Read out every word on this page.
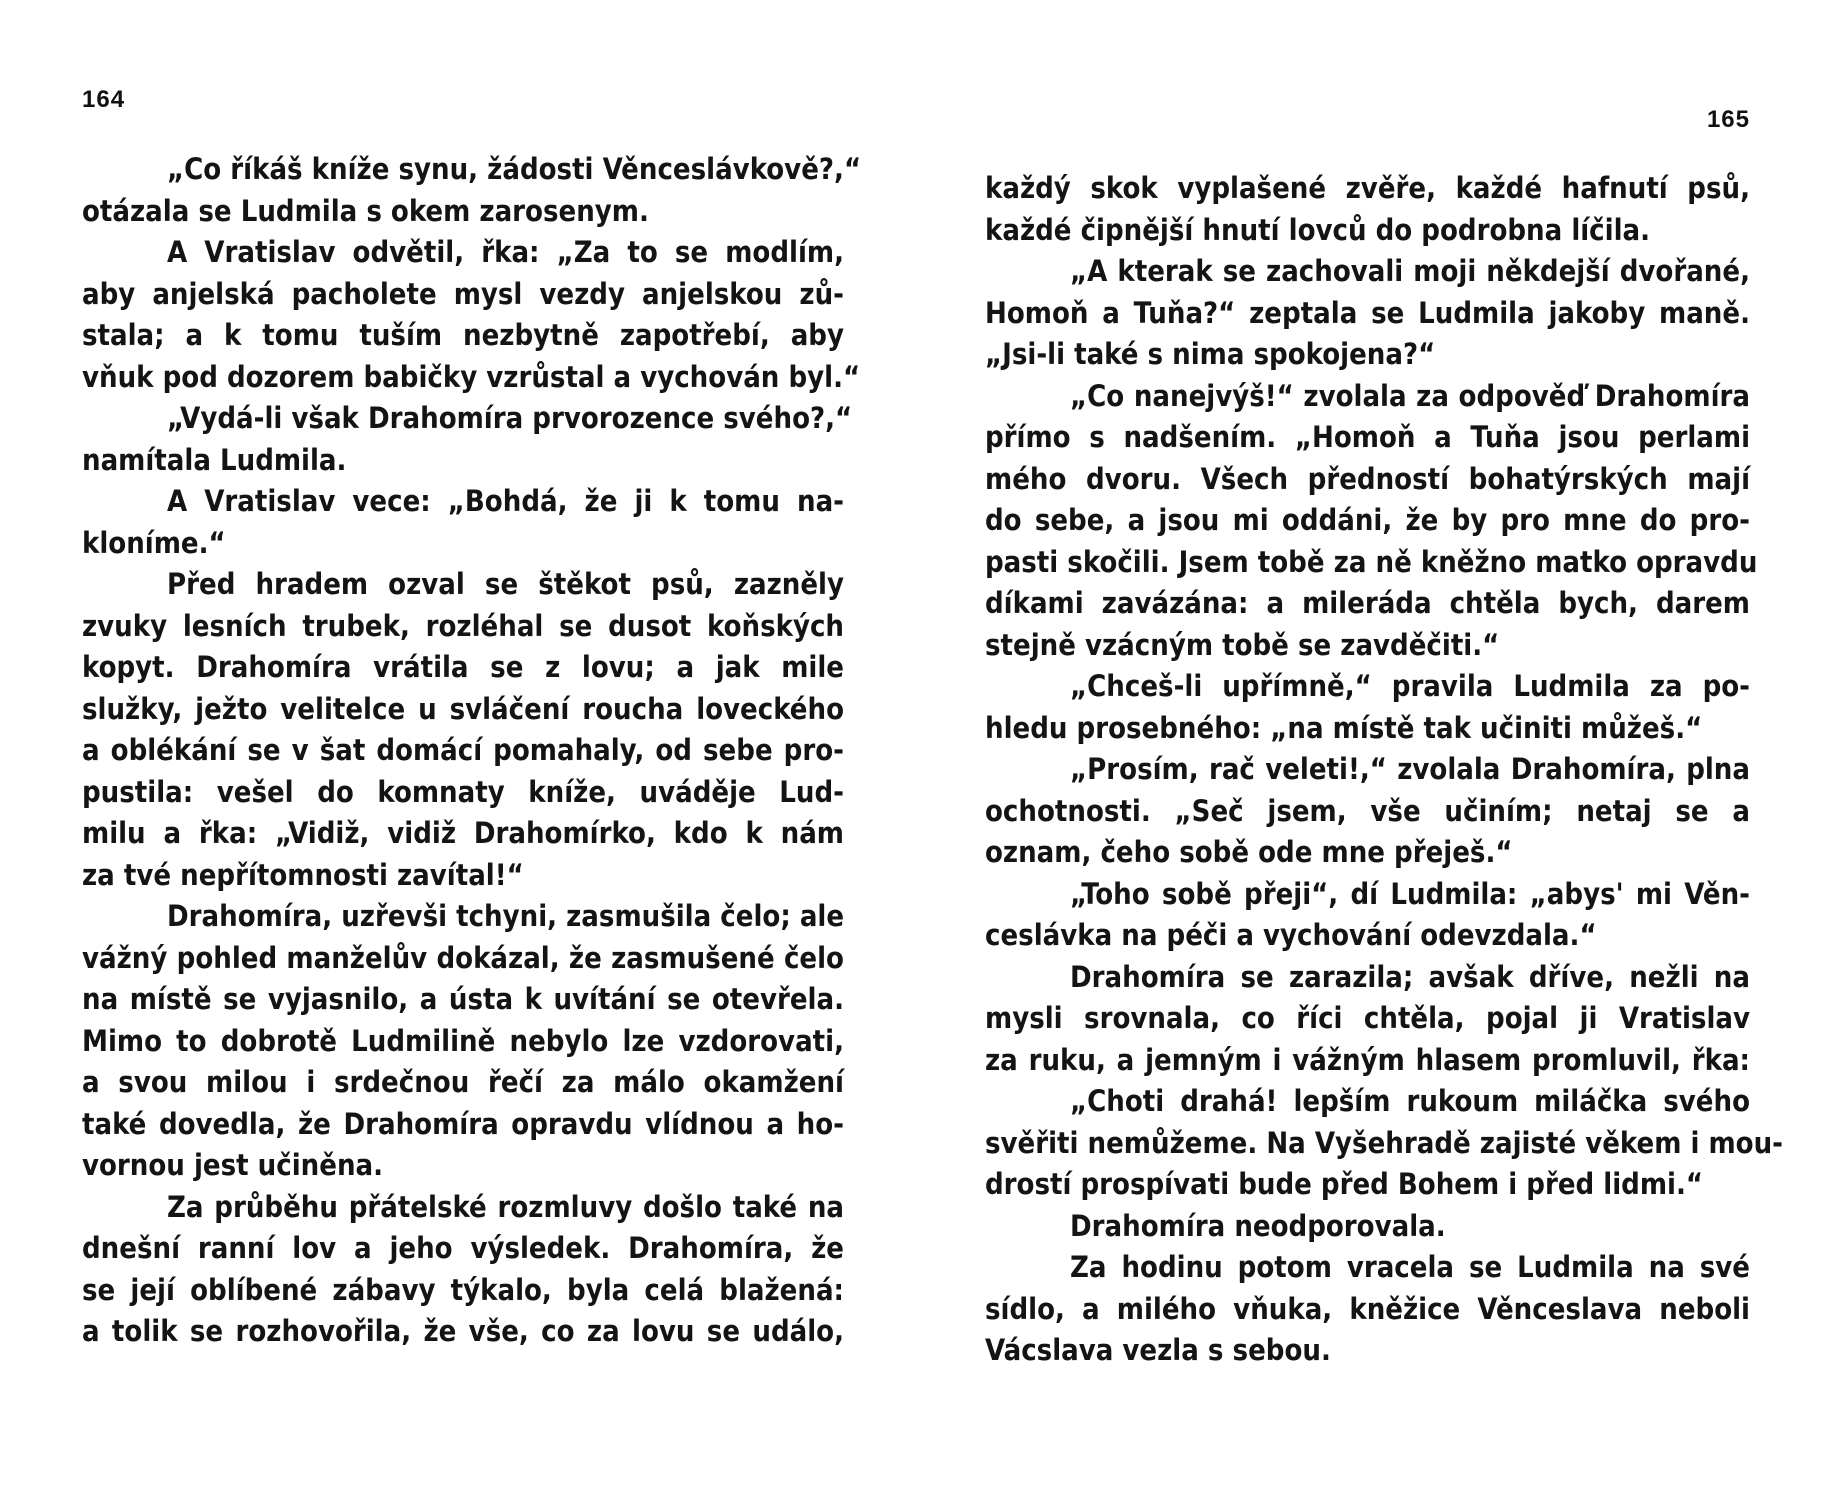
164
„Co říkáš kníže synu, žádosti Věnceslávkově?,“
otázala se Ludmila s okem zarosenym.
A Vratislav odvětil, řka: „Za to se modlím,
aby anjelská pacholete mysl vezdy anjelskou zů-
stala; a k tomu tuším nezbytně zapotřebí, aby
vňuk pod dozorem babičky vzrůstal a vychován byl.“
„Vydá-li však Drahomíra prvorozence svého?,“
namítala Ludmila.
A Vratislav vece: „Bohdá, že ji k tomu na-
kloníme.“
Před hradem ozval se štěkot psů, zazněly
zvuky lesních trubek, rozléhal se dusot koňských
kopyt. Drahomíra vrátila se z lovu; a jak mile
služky, ježto velitelce u svláčení roucha loveckého
a oblékání se v šat domácí pomahaly, od sebe pro-
pustila: vešel do komnaty kníže, uváděje Lud-
milu a řka: „Vidiž, vidiž Drahomírko, kdo k nám
za tvé nepřítomnosti zavítal!“
Drahomíra, uzřevši tchyni, zasmušila čelo; ale
vážný pohled manželův dokázal, že zasmušené čelo
na místě se vyjasnilo, a ústa k uvítání se otevřela.
Mimo to dobrotě Ludmilině nebylo lze vzdorovati,
a svou milou i srdečnou řečí za málo okamžení
také dovedla, že Drahomíra opravdu vlídnou a ho-
vornou jest učiněna.
Za průběhu přátelské rozmluvy došlo také na
dnešní ranní lov a jeho výsledek. Drahomíra, že
se její oblíbené zábavy týkalo, byla celá blažená:
a tolik se rozhovořila, že vše, co za lovu se událo,
165
každý skok vyplašené zvěře, každé hafnutí psů,
každé čipnější hnutí lovců do podrobna líčila.
„A kterak se zachovali moji někdejší dvořané,
Homoň a Tuňa?“ zeptala se Ludmila jakoby maně.
„Jsi-li také s nima spokojena?“
„Co nanejvýš!“ zvolala za odpověď Drahomíra
přímo s nadšením. „Homoň a Tuňa jsou perlami
mého dvoru. Všech předností bohatýrských mají
do sebe, a jsou mi oddáni, že by pro mne do pro-
pasti skočili. Jsem tobě za ně kněžno matko opravdu
díkami zavázána: a mileráda chtěla bych, darem
stejně vzácným tobě se zavděčiti.“
„Chceš-li upřímně,“ pravila Ludmila za po-
hledu prosebného: „na místě tak učiniti můžeš.“
„Prosím, rač veleti!,“ zvolala Drahomíra, plna
ochotnosti. „Seč jsem, vše učiním; netaj se a
oznam, čeho sobě ode mne přeješ.“
„Toho sobě přeji“, dí Ludmila: „abys' mi Věn-
ceslávka na péči a vychování odevzdala.“
Drahomíra se zarazila; avšak dříve, nežli na
mysli srovnala, co říci chtěla, pojal ji Vratislav
za ruku, a jemným i vážným hlasem promluvil, řka:
„Choti drahá! lepším rukoum miláčka svého
svěřiti nemůžeme. Na Vyšehradě zajisté věkem i mou-
drostí prospívati bude před Bohem i před lidmi.“
Drahomíra neodporovala.
Za hodinu potom vracela se Ludmila na své
sídlo, a milého vňuka, kněžice Věnceslava neboli
Vácslava vezla s sebou.
